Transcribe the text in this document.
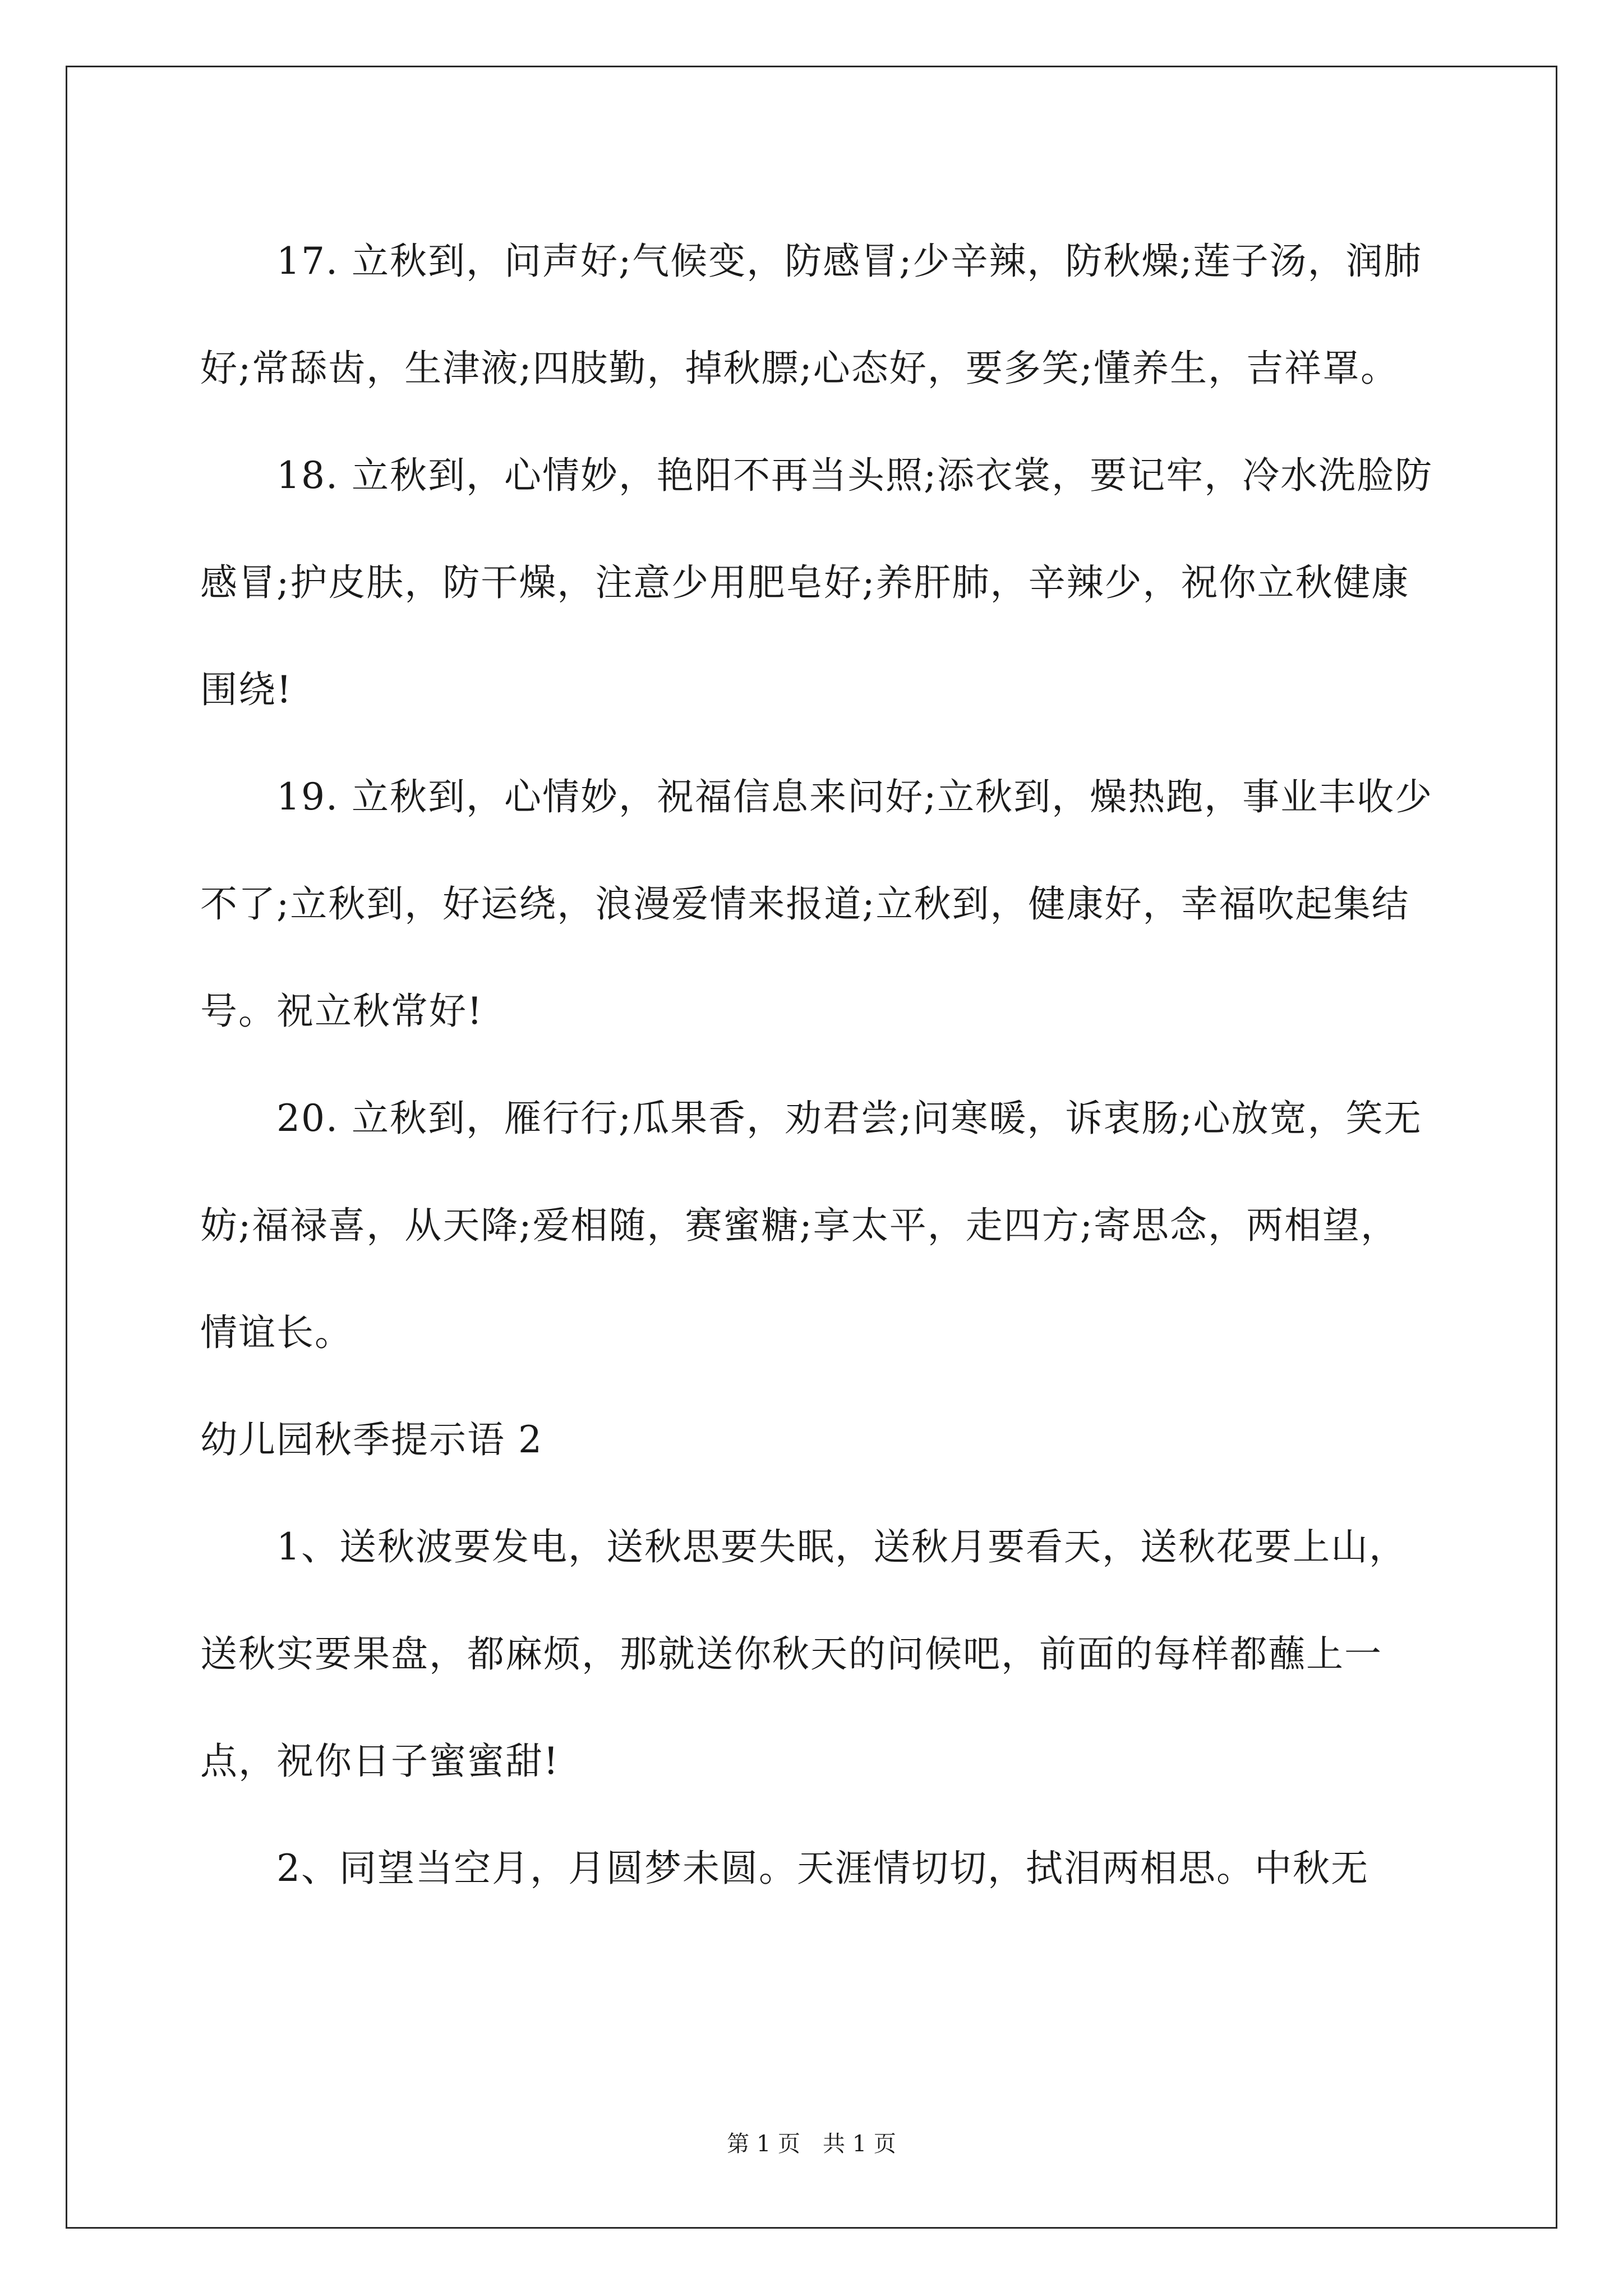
17. 立秋到，问声好;气候变，防感冒;少辛辣，防秋燥;莲子汤，润肺好;常舔齿，生津液;四肢勤，掉秋膘;心态好，要多笑;懂养生，吉祥罩。

18. 立秋到，心情妙，艳阳不再当头照;添衣裳，要记牢，冷水洗脸防感冒;护皮肤，防干燥，注意少用肥皂好;养肝肺，辛辣少，祝你立秋健康围绕!

19. 立秋到，心情妙，祝福信息来问好;立秋到，燥热跑，事业丰收少不了;立秋到，好运绕，浪漫爱情来报道;立秋到，健康好，幸福吹起集结号。祝立秋常好!

20. 立秋到，雁行行;瓜果香，劝君尝;问寒暖，诉衷肠;心放宽，笑无妨;福禄喜，从天降;爱相随，赛蜜糖;享太平，走四方;寄思念，两相望，情谊长。

幼儿园秋季提示语 2

1、送秋波要发电，送秋思要失眠，送秋月要看天，送秋花要上山，送秋实要果盘，都麻烦，那就送你秋天的问候吧，前面的每样都蘸上一点，祝你日子蜜蜜甜!

2、同望当空月，月圆梦未圆。天涯情切切，拭泪两相思。中秋无

第 1 页　共 1 页
